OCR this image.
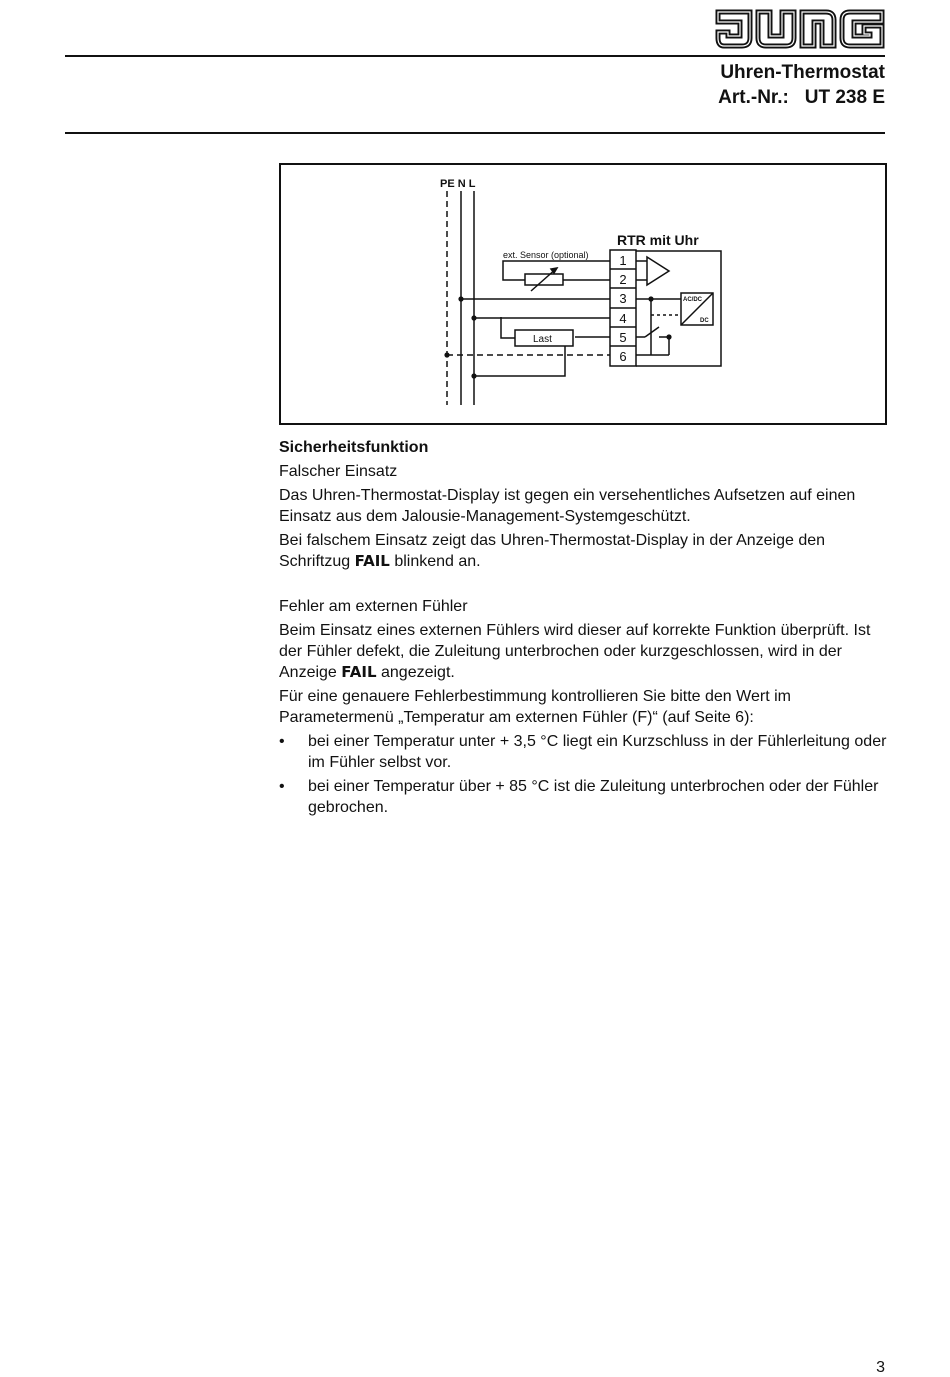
Uhren-Thermostat
Art.-Nr.: UT 238 E
PE N L
RTR mit Uhr
ext. Sensor (optional)
Last
AC/DC
DC
1
2
3
4
5
6

Sicherheitsfunktion

Falscher Einsatz

Das Uhren-Thermostat-Display ist gegen ein versehentliches Aufsetzen auf einen Einsatz aus dem Jalousie-Management-Systemgeschützt.

Bei falschem Einsatz zeigt das Uhren-Thermostat-Display in der Anzeige den Schriftzug FAIL blinkend an.

Fehler am externen Fühler

Beim Einsatz eines externen Fühlers wird dieser auf korrekte Funktion überprüft. Ist der Fühler defekt, die Zuleitung unterbrochen oder kurzgeschlossen, wird in der Anzeige FAIL angezeigt.

Für eine genauere Fehlerbestimmung kontrollieren Sie bitte den Wert im Parametermenü „Temperatur am externen Fühler (F)“ (auf Seite 6):

• bei einer Temperatur unter + 3,5 °C liegt ein Kurzschluss in der Fühlerleitung oder im Fühler selbst vor.
• bei einer Temperatur über + 85 °C ist die Zuleitung unterbrochen oder der Fühler gebrochen.
3
